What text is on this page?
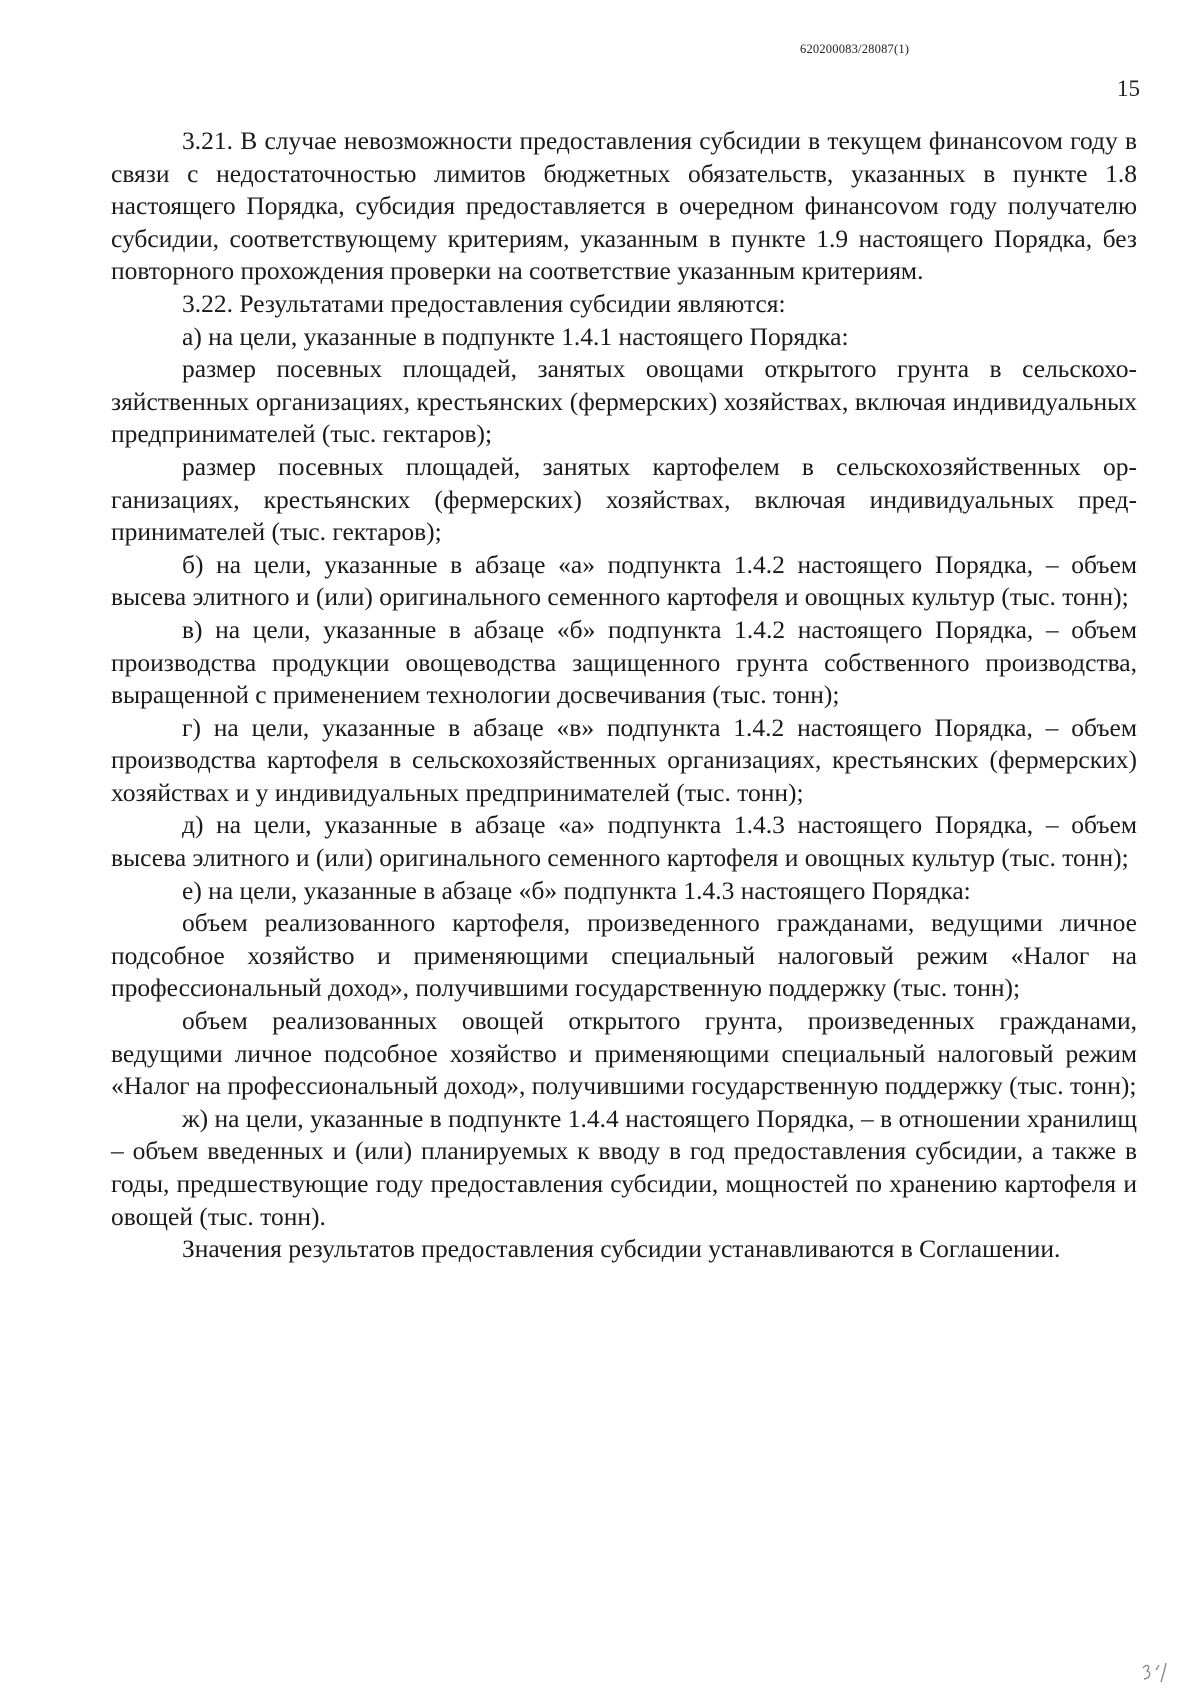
620200083/28087(1)
15

3.21. В случае невозможности предоставления субсидии в текущем финансоvом году в связи с недостаточностью лимитов бюджетных обязательств, указанных в пункте 1.8 настоящего Порядка, субсидия предоставляется в очередном финансоvом году получателю субсидии, соответствующему критериям, указанным в пункте 1.9 настоящего Порядка, без повторного прохождения проверки на соответствие указанным критериям.

3.22. Результатами предоставления субсидии являются:

а) на цели, указанные в подпункте 1.4.1 настоящего Порядка:

размер посевных площадей, занятых овощами открытого грунта в сельскохозяйственных организациях, крестьянских (фермерских) хозяйствах, включая индивидуальных предпринимателей (тыс. гектаров);

размер посевных площадей, занятых картофелем в сельскохозяйственных организациях, крестьянских (фермерских) хозяйствах, включая индивидуальных предпринимателей (тыс. гектаров);

б) на цели, указанные в абзаце «а» подпункта 1.4.2 настоящего Порядка, – объем высева элитного и (или) оригинального семенного картофеля и овощных культур (тыс. тонн);

в) на цели, указанные в абзаце «б» подпункта 1.4.2 настоящего Порядка, – объем производства продукции овощеводства защищенного грунта собственного производства, выращенной с применением технологии досвечивания (тыс. тонн);

г) на цели, указанные в абзаце «в» подпункта 1.4.2 настоящего Порядка, – объем производства картофеля в сельскохозяйственных организациях, крестьянских (фермерских) хозяйствах и у индивидуальных предпринимателей (тыс. тонн);

д) на цели, указанные в абзаце «а» подпункта 1.4.3 настоящего Порядка, – объем высева элитного и (или) оригинального семенного картофеля и овощных культур (тыс. тонн);

е) на цели, указанные в абзаце «б» подпункта 1.4.3 настоящего Порядка:

объем реализованного картофеля, произведенного гражданами, ведущими личное подсобное хозяйство и применяющими специальный налоговый режим «Налог на профессиональный доход», получившими государственную поддержку (тыс. тонн);

объем реализованных овощей открытого грунта, произведенных гражданами, ведущими личное подсобное хозяйство и применяющими специальный налоговый режим «Налог на профессиональный доход», получившими государственную поддержку (тыс. тонн);

ж) на цели, указанные в подпункте 1.4.4 настоящего Порядка, – в отношении хранилищ – объем введенных и (или) планируемых к вводу в год предоставления субсидии, а также в годы, предшествующие году предоставления субсидии, мощностей по хранению картофеля и овощей (тыс. тонн).

Значения результатов предоставления субсидии устанавливаются в Соглашении.
